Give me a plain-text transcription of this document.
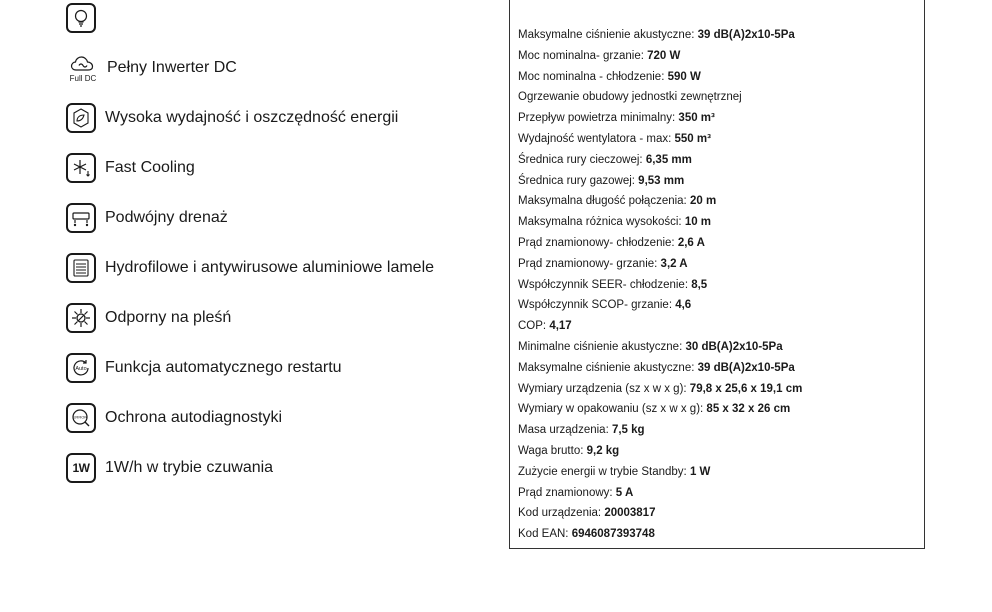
Full DC
Pełny Inwerter DC
Wysoka wydajność i oszczędność energii
Fast Cooling
Podwójny drenaż
Hydrofilowe i antywirusowe aluminiowe lamele
Odporny na pleśń
Auto Funkcja automatycznego restartu
ERROR Ochrona autodiagnostyki
1W 1W/h w trybie czuwania
Maksymalne ciśnienie akustyczne: 39 dB(A)2x10-5Pa
Moc nominalna- grzanie: 720 W
Moc nominalna - chłodzenie: 590 W
Ogrzewanie obudowy jednostki zewnętrznej
Przepływ powietrza minimalny: 350 m³
Wydajność wentylatora - max: 550 m³
Średnica rury cieczowej: 6,35 mm
Średnica rury gazowej: 9,53 mm
Maksymalna długość połączenia: 20 m
Maksymalna różnica wysokości: 10 m
Prąd znamionowy- chłodzenie: 2,6 A
Prąd znamionowy- grzanie: 3,2 A
Współczynnik SEER- chłodzenie: 8,5
Współczynnik SCOP- grzanie: 4,6
COP: 4,17
Minimalne ciśnienie akustyczne: 30 dB(A)2x10-5Pa
Maksymalne ciśnienie akustyczne: 39 dB(A)2x10-5Pa
Wymiary urządzenia (sz x w x g): 79,8 x 25,6 x 19,1 cm
Wymiary w opakowaniu (sz x w x g): 85 x 32 x 26 cm
Masa urządzenia: 7,5 kg
Waga brutto: 9,2 kg
Zużycie energii w trybie Standby: 1 W
Prąd znamionowy: 5 A
Kod urządzenia: 20003817
Kod EAN: 6946087393748
